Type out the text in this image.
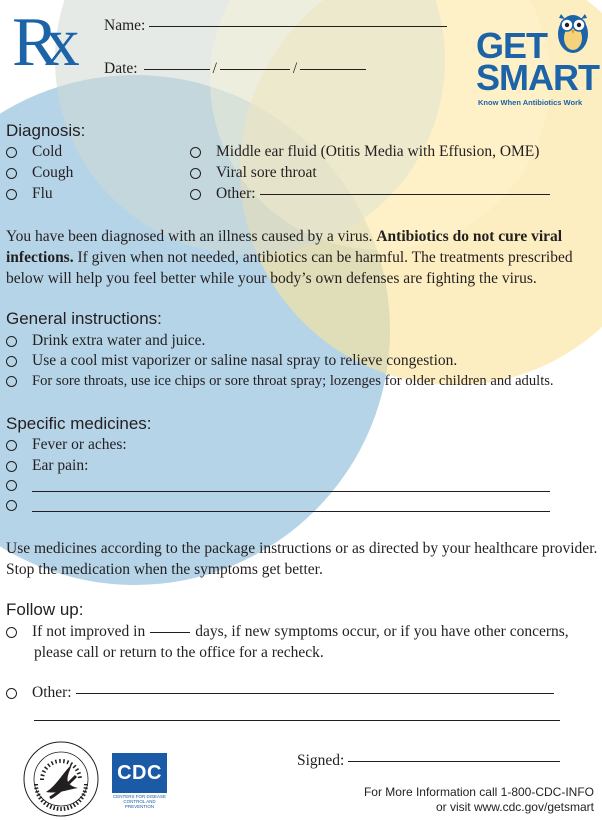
Rx Name:
Date:	/	/
GET
SMART
Know When Antibiotics Work
Diagnosis:
Cold
Cough
Flu
Middle ear fluid (Otitis Media with Effusion, OME)
Viral sore throat
Other:
You have been diagnosed with an illness caused by a virus. Antibiotics do not cure viral infections. If given when not needed, antibiotics can be harmful. The treatments prescribed below will help you feel better while your body’s own defenses are fighting the virus.
General instructions:
Drink extra water and juice.
Use a cool mist vaporizer or saline nasal spray to relieve congestion.
For sore throats, use ice chips or sore throat spray; lozenges for older children and adults.
Specific medicines:
Fever or aches:
Ear pain:
Use medicines according to the package instructions or as directed by your healthcare provider. Stop the medication when the symptoms get better.
Follow up:
If not improved in	days, if new symptoms occur, or if you have other concerns,
please call or return to the office for a recheck.
Other:
CDC
CENTERS FOR DISEASE CONTROL AND PREVENTION
Signed:
For More Information call 1-800-CDC-INFO
or visit www.cdc.gov/getsmart
